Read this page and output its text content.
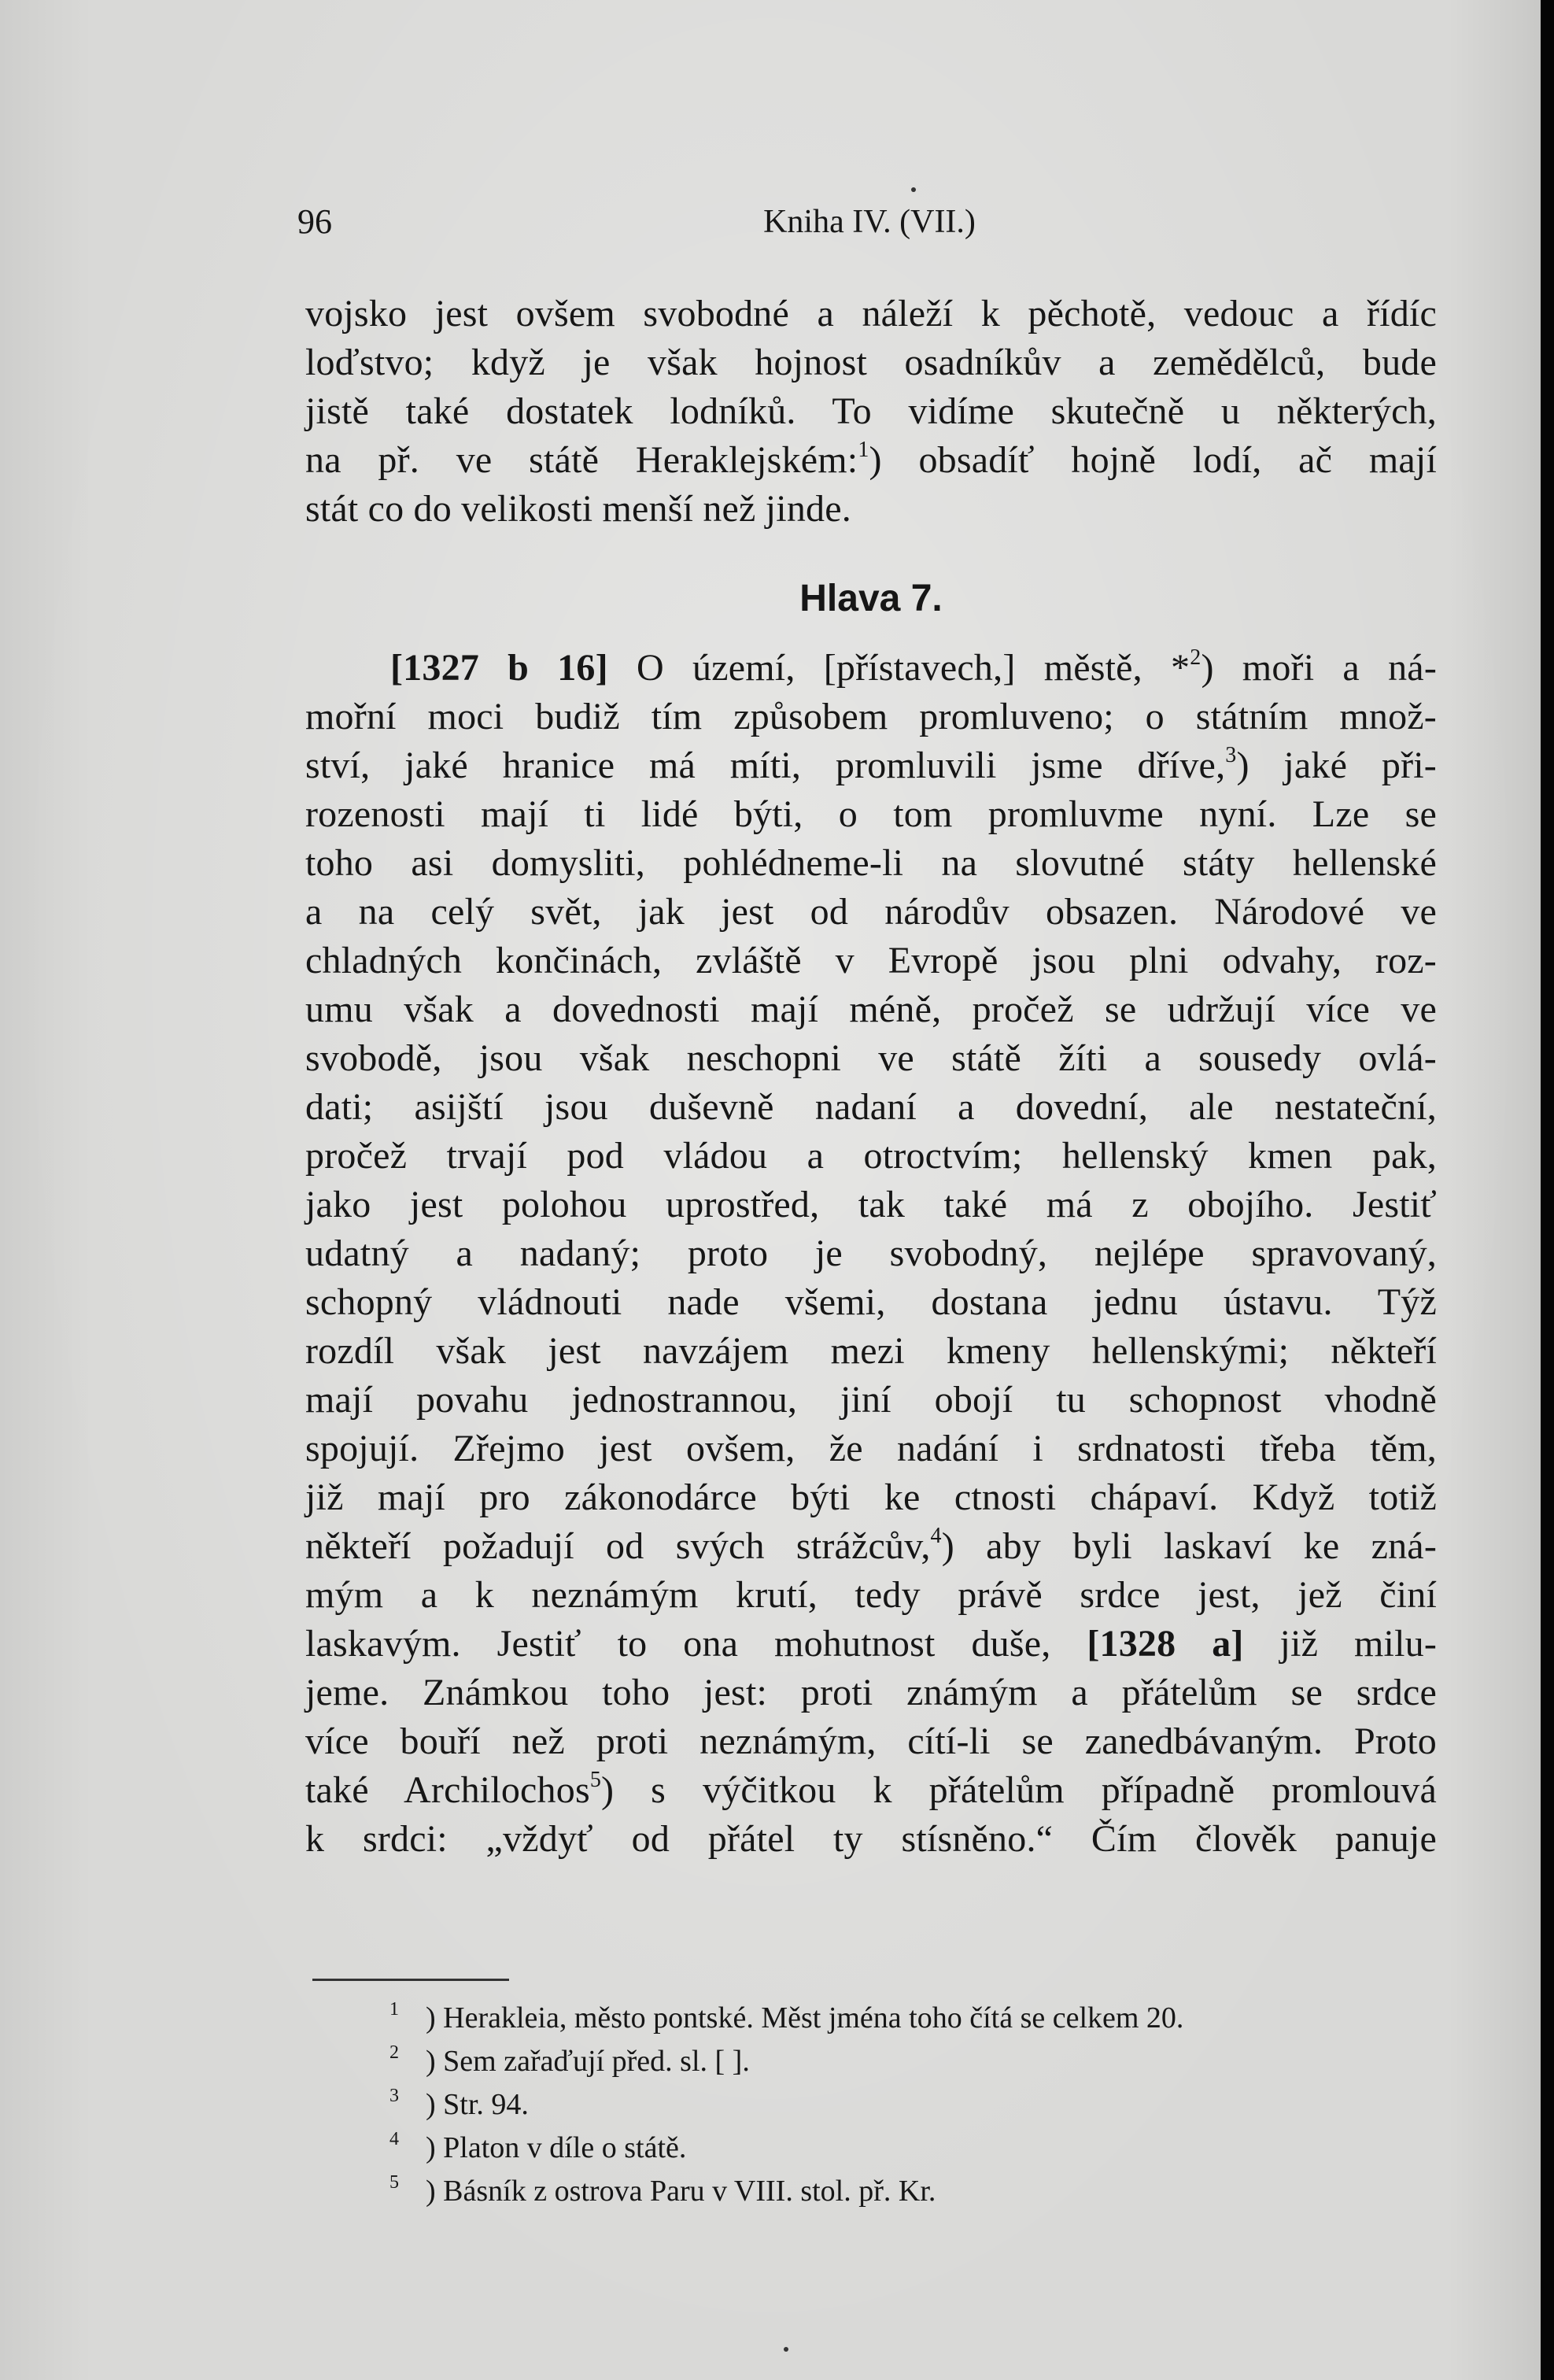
96	Kniha IV. (VII.)
vojsko jest ovšem svobodné a náleží k pěchotě, vedouc a řídíc
loďstvo; když je však hojnost osadníkův a zemědělců, bude
jistě také dostatek lodníků. To vidíme skutečně u některých,
na př. ve státě Heraklejském:$^1$) obsadíť hojně lodí, ač mají
stát co do velikosti menší než jinde.
Hlava 7.
[1327 b 16] O území, [přístavech,] městě, *$^2$) moři a ná-
mořní moci budiž tím způsobem promluveno; o státním množ-
ství, jaké hranice má míti, promluvili jsme dříve,$^3$) jaké při-
rozenosti mají ti lidé býti, o tom promluvme nyní. Lze se
toho asi domysliti, pohlédneme-li na slovutné státy hellenské
a na celý svět, jak jest od národův obsazen. Národové ve
chladných končinách, zvláště v Evropě jsou plni odvahy, roz-
umu však a dovednosti mají méně, pročež se udržují více ve
svobodě, jsou však neschopni ve státě žíti a sousedy ovlá-
dati; asijští jsou duševně nadaní a dovední, ale nestateční,
pročež trvají pod vládou a otroctvím; hellenský kmen pak,
jako jest polohou uprostřed, tak také má z obojího. Jestiť
udatný a nadaný; proto je svobodný, nejlépe spravovaný,
schopný vládnouti nade všemi, dostana jednu ústavu. Týž
rozdíl však jest navzájem mezi kmeny hellenskými; někteří
mají povahu jednostrannou, jiní obojí tu schopnost vhodně
spojují. Zřejmo jest ovšem, že nadání i srdnatosti třeba těm,
již mají pro zákonodárce býti ke ctnosti chápaví. Když totiž
někteří požadují od svých strážcův,$^4$) aby byli laskaví ke zná-
mým a k neznámým krutí, tedy právě srdce jest, jež činí
laskavým. Jestiť to ona mohutnost duše, [1328 a] již milu-
jeme. Známkou toho jest: proti známým a přátelům se srdce
více bouří než proti neznámým, cítí-li se zanedbávaným. Proto
také Archilochos$^5$) s výčitkou k přátelům případně promlouvá
k srdci: „vždyť od přátel ty stísněno.“ Čím člověk panuje
$^1$ ) Herakleia, město pontské. Měst jména toho čítá se celkem 20.
$^2$ ) Sem zařaďují před. sl. [ ].
$^3$ ) Str. 94.
$^4$ ) Platon v díle o státě.
$^5$ ) Básník z ostrova Paru v VIII. stol. př. Kr.
